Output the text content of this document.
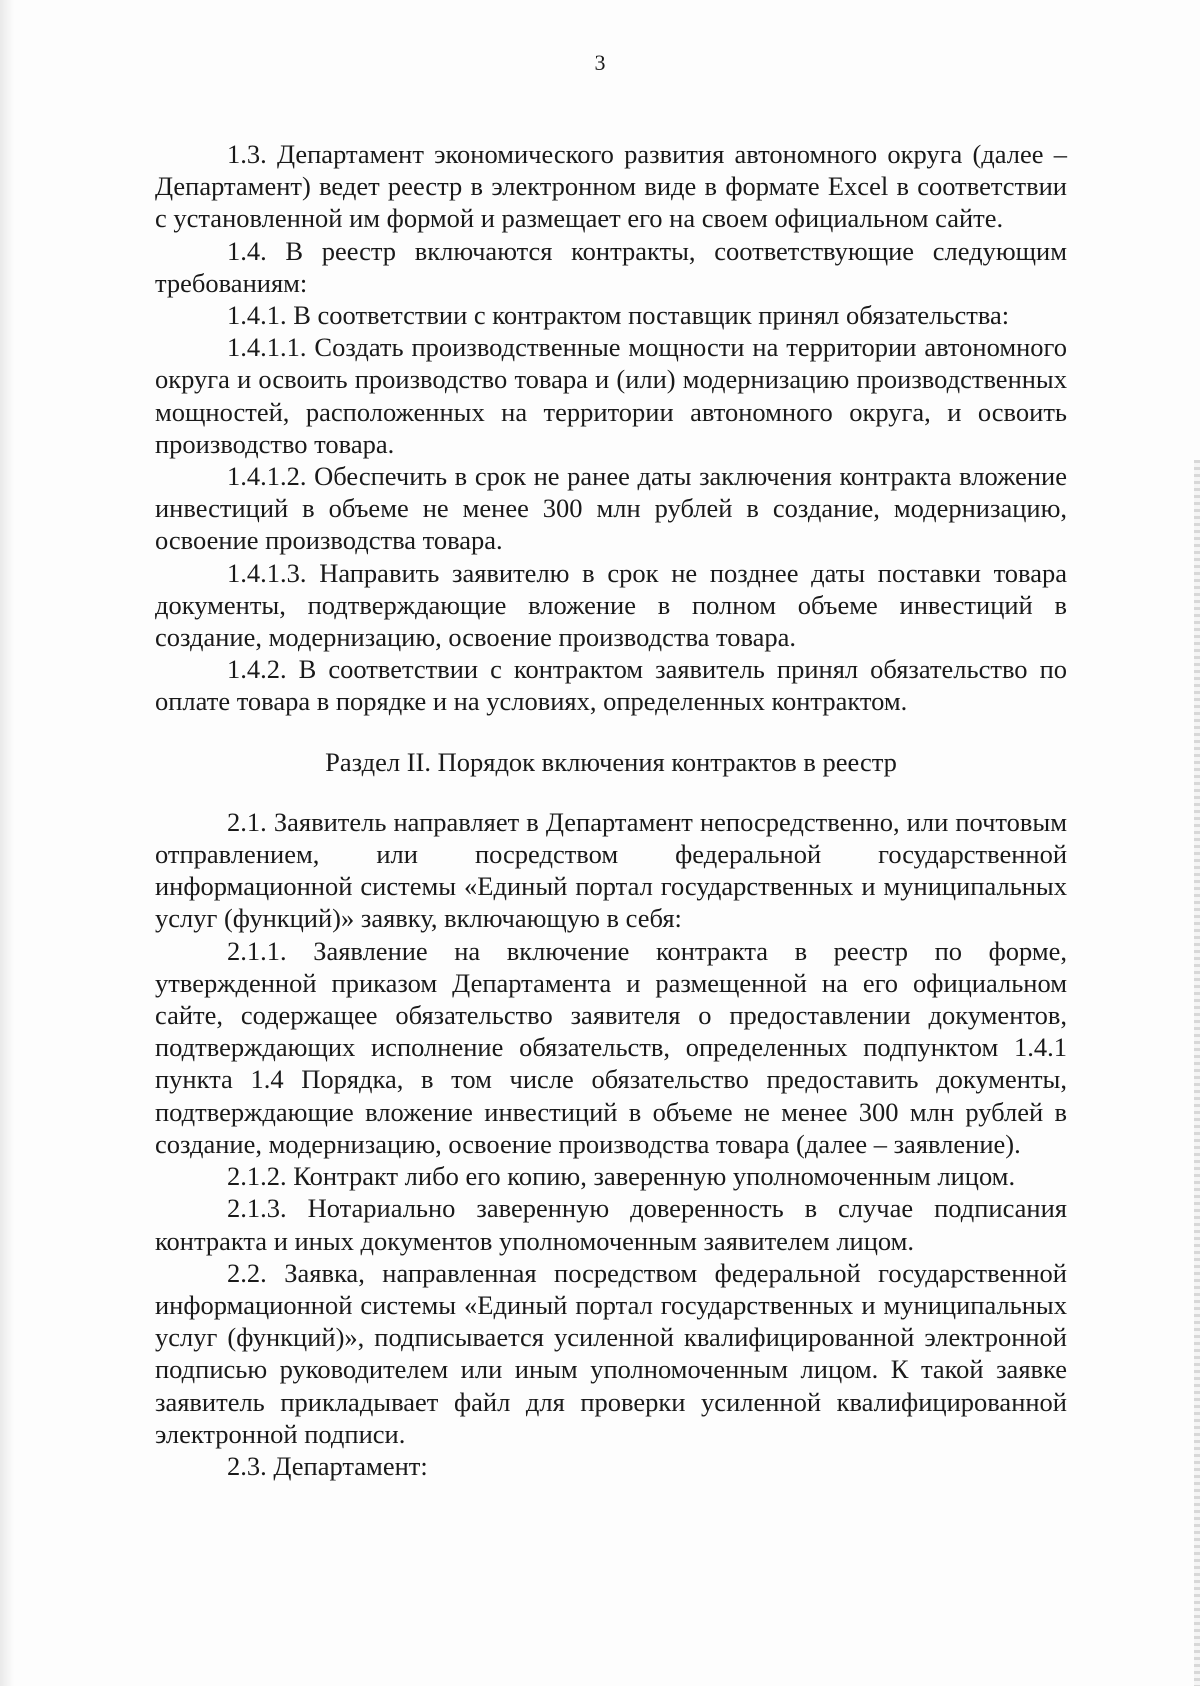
3

1.3. Департамент экономического развития автономного округа (далее – Департамент) ведет реестр в электронном виде в формате Excel в соответствии с установленной им формой и размещает его на своем официальном сайте.

1.4. В реестр включаются контракты, соответствующие следующим требованиям:

1.4.1. В соответствии с контрактом поставщик принял обязательства:

1.4.1.1. Создать производственные мощности на территории автономного округа и освоить производство товара и (или) модернизацию производственных мощностей, расположенных на территории автономного округа, и освоить производство товара.

1.4.1.2. Обеспечить в срок не ранее даты заключения контракта вложение инвестиций в объеме не менее 300 млн рублей в создание, модернизацию, освоение производства товара.

1.4.1.3. Направить заявителю в срок не позднее даты поставки товара документы, подтверждающие вложение в полном объеме инвестиций в создание, модернизацию, освоение производства товара.

1.4.2. В соответствии с контрактом заявитель принял обязательство по оплате товара в порядке и на условиях, определенных контрактом.

Раздел II. Порядок включения контрактов в реестр

2.1. Заявитель направляет в Департамент непосредственно, или почтовым отправлением, или посредством федеральной государственной информационной системы «Единый портал государственных и муниципальных услуг (функций)» заявку, включающую в себя:

2.1.1. Заявление на включение контракта в реестр по форме, утвержденной приказом Департамента и размещенной на его официальном сайте, содержащее обязательство заявителя о предоставлении документов, подтверждающих исполнение обязательств, определенных подпунктом 1.4.1 пункта 1.4 Порядка, в том числе обязательство предоставить документы, подтверждающие вложение инвестиций в объеме не менее 300 млн рублей в создание, модернизацию, освоение производства товара (далее – заявление).

2.1.2. Контракт либо его копию, заверенную уполномоченным лицом.

2.1.3. Нотариально заверенную доверенность в случае подписания контракта и иных документов уполномоченным заявителем лицом.

2.2. Заявка, направленная посредством федеральной государственной информационной системы «Единый портал государственных и муниципальных услуг (функций)», подписывается усиленной квалифицированной электронной подписью руководителем или иным уполномоченным лицом. К такой заявке заявитель прикладывает файл для проверки усиленной квалифицированной электронной подписи.

2.3. Департамент:
